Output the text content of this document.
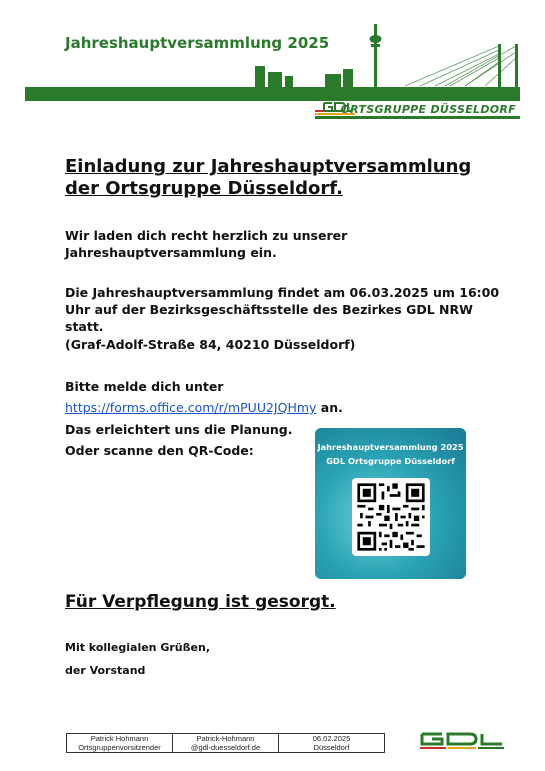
Jahreshauptversammlung 2025
ORTSGRUPPE DÜSSELDORF
Einladung zur Jahreshauptversammlung
der Ortsgruppe Düsseldorf.
Wir laden dich recht herzlich zu unserer
Jahreshauptversammlung ein.
Die Jahreshauptversammlung findet am 06.03.2025 um 16:00
Uhr auf der Bezirksgeschäftsstelle des Bezirkes GDL NRW
statt.
(Graf-Adolf-Straße 84, 40210 Düsseldorf)
Bitte melde dich unter
https://forms.office.com/r/mPUU2JQHmy an.
Das erleichtert uns die Planung.
Oder scanne den QR-Code:	Jahreshauptversammlung 2025
GDL Ortsgruppe Düsseldorf
Für Verpflegung ist gesorgt.
Mit kollegialen Grüßen,
der Vorstand
Patrick Hohmann
Ortsgruppenvorsitzender

Patrick-Hohmann
@gdl-duesseldorf.de

06.02.2025
Düsseldorf
